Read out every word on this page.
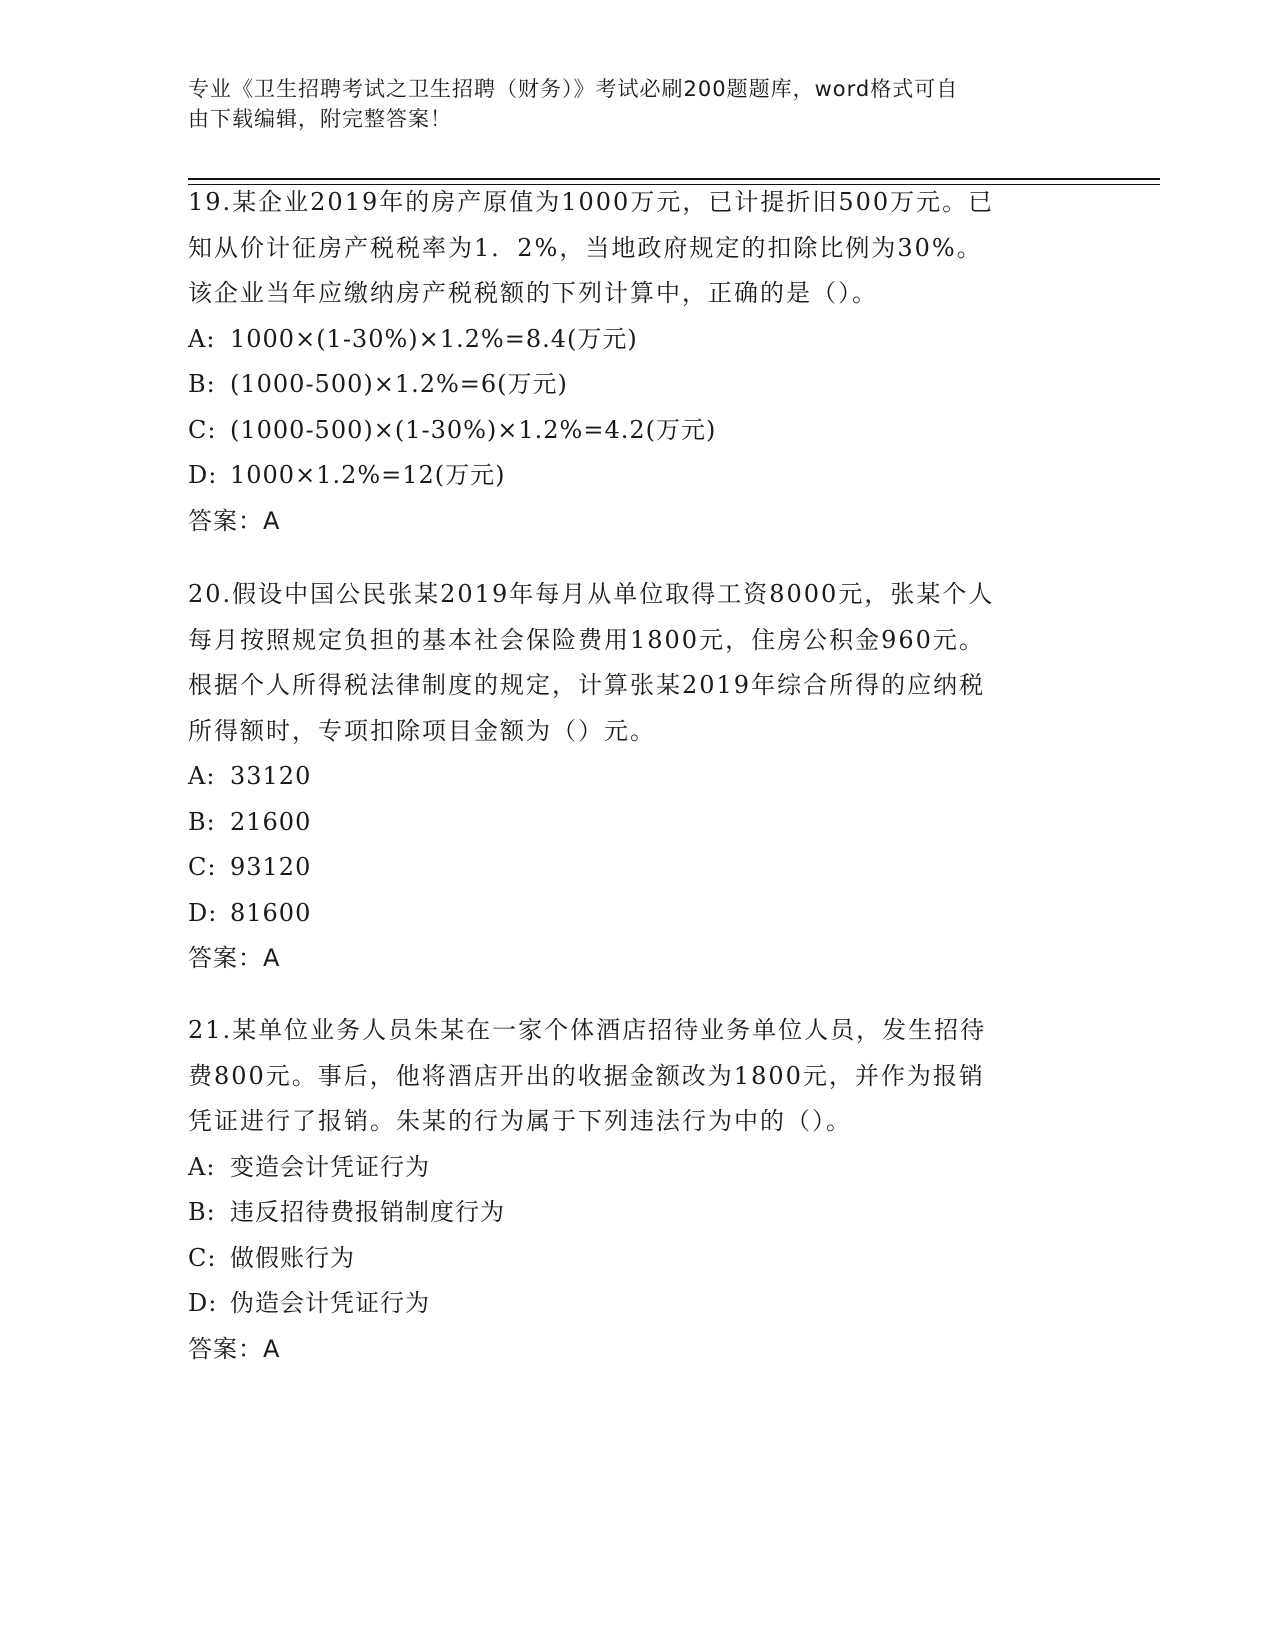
专业《卫生招聘考试之卫生招聘（财务）》考试必刷200题题库，word格式可自
由下载编辑，附完整答案！

19.某企业2019年的房产原值为1000万元，已计提折旧500万元。已

知从价计征房产税税率为1．2%，当地政府规定的扣除比例为30%。

该企业当年应缴纳房产税税额的下列计算中，正确的是（）。

A: 1000×(1-30%)×1.2%=8.4(万元)

B: (1000-500)×1.2%=6(万元)

C: (1000-500)×(1-30%)×1.2%=4.2(万元)

D: 1000×1.2%=12(万元)

答案：A

20.假设中国公民张某2019年每月从单位取得工资8000元，张某个人

每月按照规定负担的基本社会保险费用1800元，住房公积金960元。

根据个人所得税法律制度的规定，计算张某2019年综合所得的应纳税

所得额时，专项扣除项目金额为（）元。

A: 33120

B: 21600

C: 93120

D: 81600

答案：A

21.某单位业务人员朱某在一家个体酒店招待业务单位人员，发生招待

费800元。事后，他将酒店开出的收据金额改为1800元，并作为报销

凭证进行了报销。朱某的行为属于下列违法行为中的（）。

A: 变造会计凭证行为

B: 违反招待费报销制度行为

C: 做假账行为

D: 伪造会计凭证行为

答案：A
